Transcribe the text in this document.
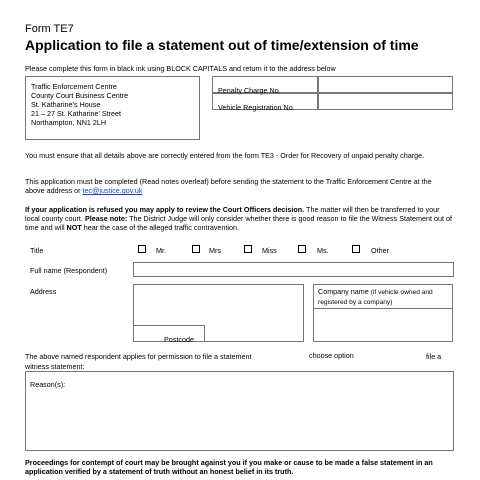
Form TE7
Application to file a statement out of time/extension of time
Please complete this form in black ink using BLOCK CAPITALS and return it to the address below
Traffic Enforcement Centre
County Court Business Centre
St. Katharine’s House
21 – 27 St. Katharine’ Street
Northampton, NN1 2LH
Penalty Charge No.
Vehicle Registration No.
You must ensure that all details above are correctly entered from the form TE3 - Order for Recovery of unpaid penalty charge.
This application must be completed (Read notes overleaf) before sending the statement to the Traffic Enforcement Centre at the above address or tec@justice.gov.uk
If your application is refused you may apply to review the Court Officers decision. The matter will then be transferred to your local county court. Please note: The District Judge will only consider whether there is good reason to file the Witness Statement out of time and will NOT hear the case of the alleged traffic contravention.
Title	Mr.	Mrs	Miss	Ms.	Other
Full name (Respondent)
Address
Postcode
Company name (if vehicle owned and registered by a company)
The above named respondent applies for permission to file a statement	choose option	file a
witness statement:
Reason(s):
Proceedings for contempt of court may be brought against you if you make or cause to be made a false statement in an application verified by a statement of truth without an honest belief in its truth.
